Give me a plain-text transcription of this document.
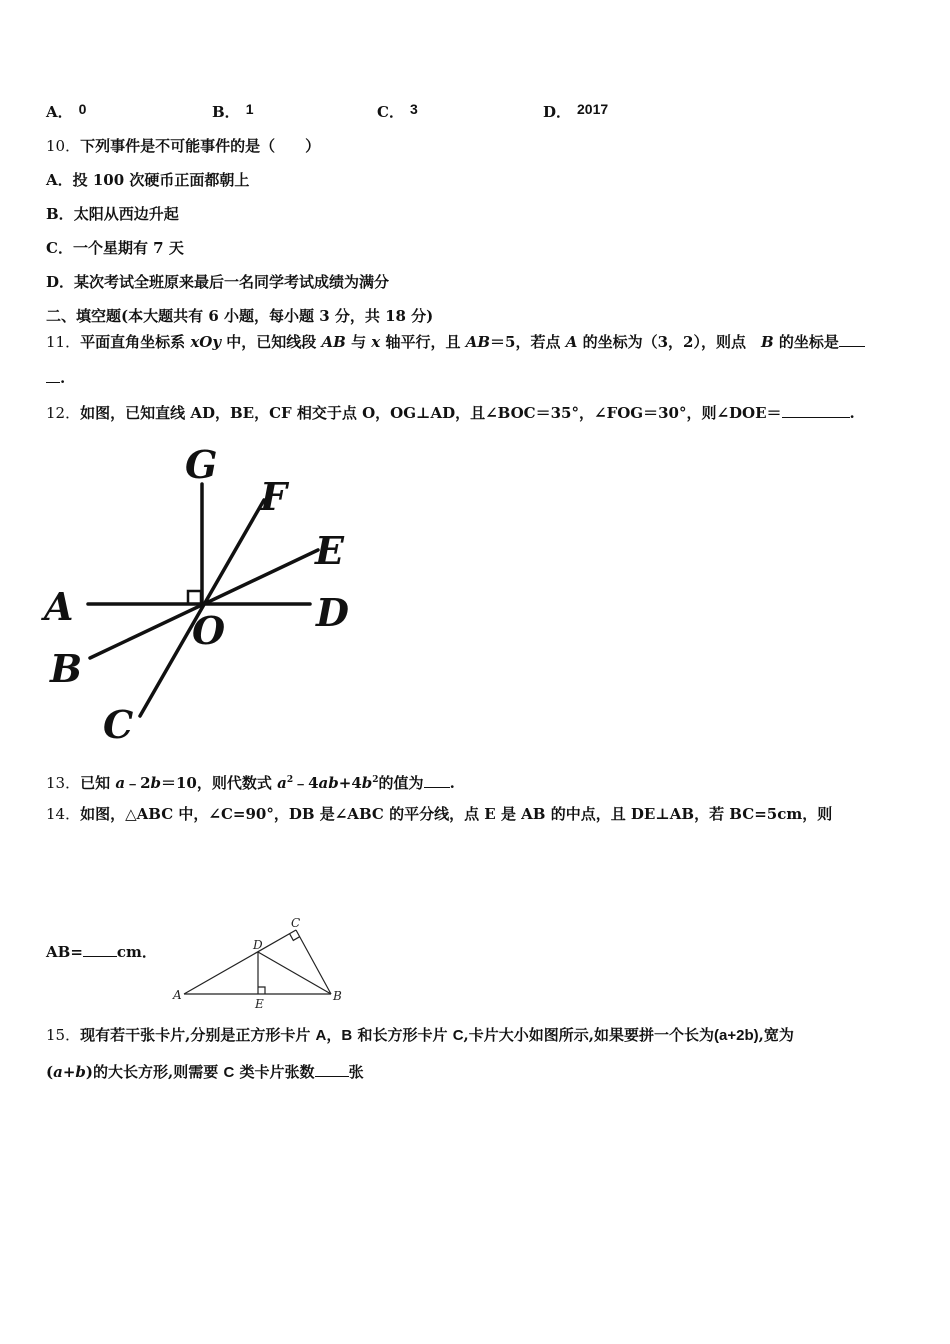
A． 0	B． 1	C． 3	D． 2017
10．下列事件是不可能事件的是（　　）
A．投 100 次硬币正面都朝上
B．太阳从西边升起
C．一个星期有 7 天
D．某次考试全班原来最后一名同学考试成绩为满分
二、填空题(本大题共有 6 小题，每小题 3 分，共 18 分)
11．平面直角坐标系 xOy 中，已知线段 AB 与 x 轴平行，且 AB＝5，若点 A 的坐标为（3，2），则点　B 的坐标是
.
12．如图，已知直线 AD，BE，CF 相交于点 O，OG⊥AD，且∠BOC＝35°，∠FOG＝30°，则∠DOE＝	.
G
F
E
A	D
O
B
C
13．已知 a﹣2b＝10，则代数式 $a^2﹣4ab+4b^2$的值为 .
14．如图，△ABC 中，∠C=90°，DB 是∠ABC 的平分线，点 E 是 AB 的中点，且 DE⊥AB，若 BC=5cm，则
AB= cm．
A	B
C
D
E
15．现有若干张卡片,分别是正方形卡片 A，B 和长方形卡片 C,卡片大小如图所示,如果要拼一个长为(a+2b),宽为
(a+b)的大长方形,则需要 C 类卡片张数 张
